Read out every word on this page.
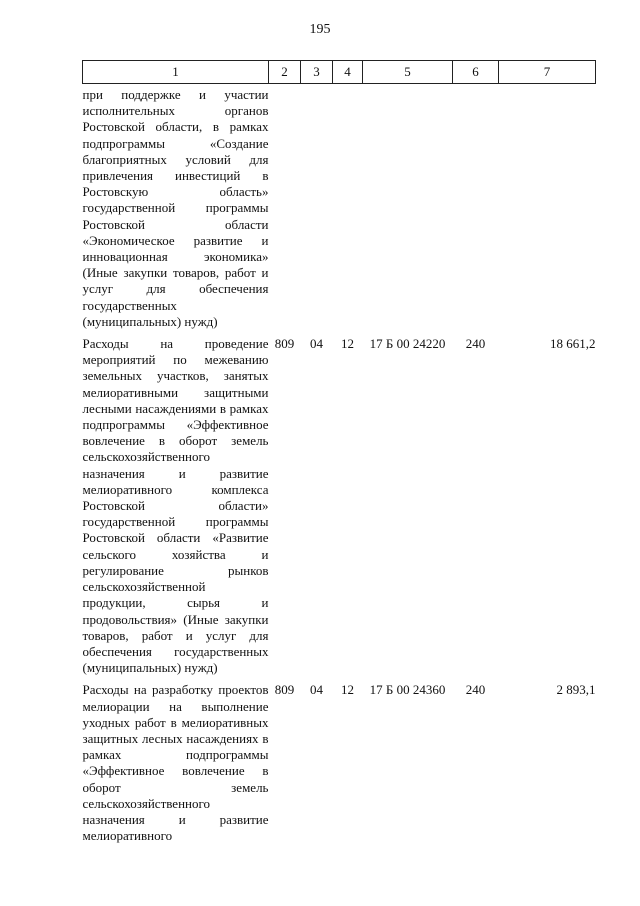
195
1	2	3	4	5	6	7
при поддержке и участии исполнительных органов Ростовской области, в рамках подпрограммы «Создание благоприятных условий для привлечения инвестиций в Ростовскую область» государственной программы Ростовской области «Экономическое развитие и инновационная экономика» (Иные закупки товаров, работ и услуг для обеспечения государственных (муниципальных) нужд)						
Расходы на проведение мероприятий по межеванию земельных участков, занятых мелиоративными защитными лесными насаждениями в рамках подпрограммы «Эффективное вовлечение в оборот земель сельскохозяйственного назначения и развитие мелиоративного комплекса Ростовской области» государственной программы Ростовской области «Развитие сельского хозяйства и регулирование рынков сельскохозяйственной продукции, сырья и продовольствия» (Иные закупки товаров, работ и услуг для обеспечения государственных (муниципальных) нужд)	809	04	12	17 Б 00 24220	240	18 661,2
Расходы на разработку проектов мелиорации на выполнение уходных работ в мелиоративных защитных лесных насаждениях в рамках подпрограммы «Эффективное вовлечение в оборот земель сельскохозяйственного назначения и развитие мелиоративного	809	04	12	17 Б 00 24360	240	2 893,1
